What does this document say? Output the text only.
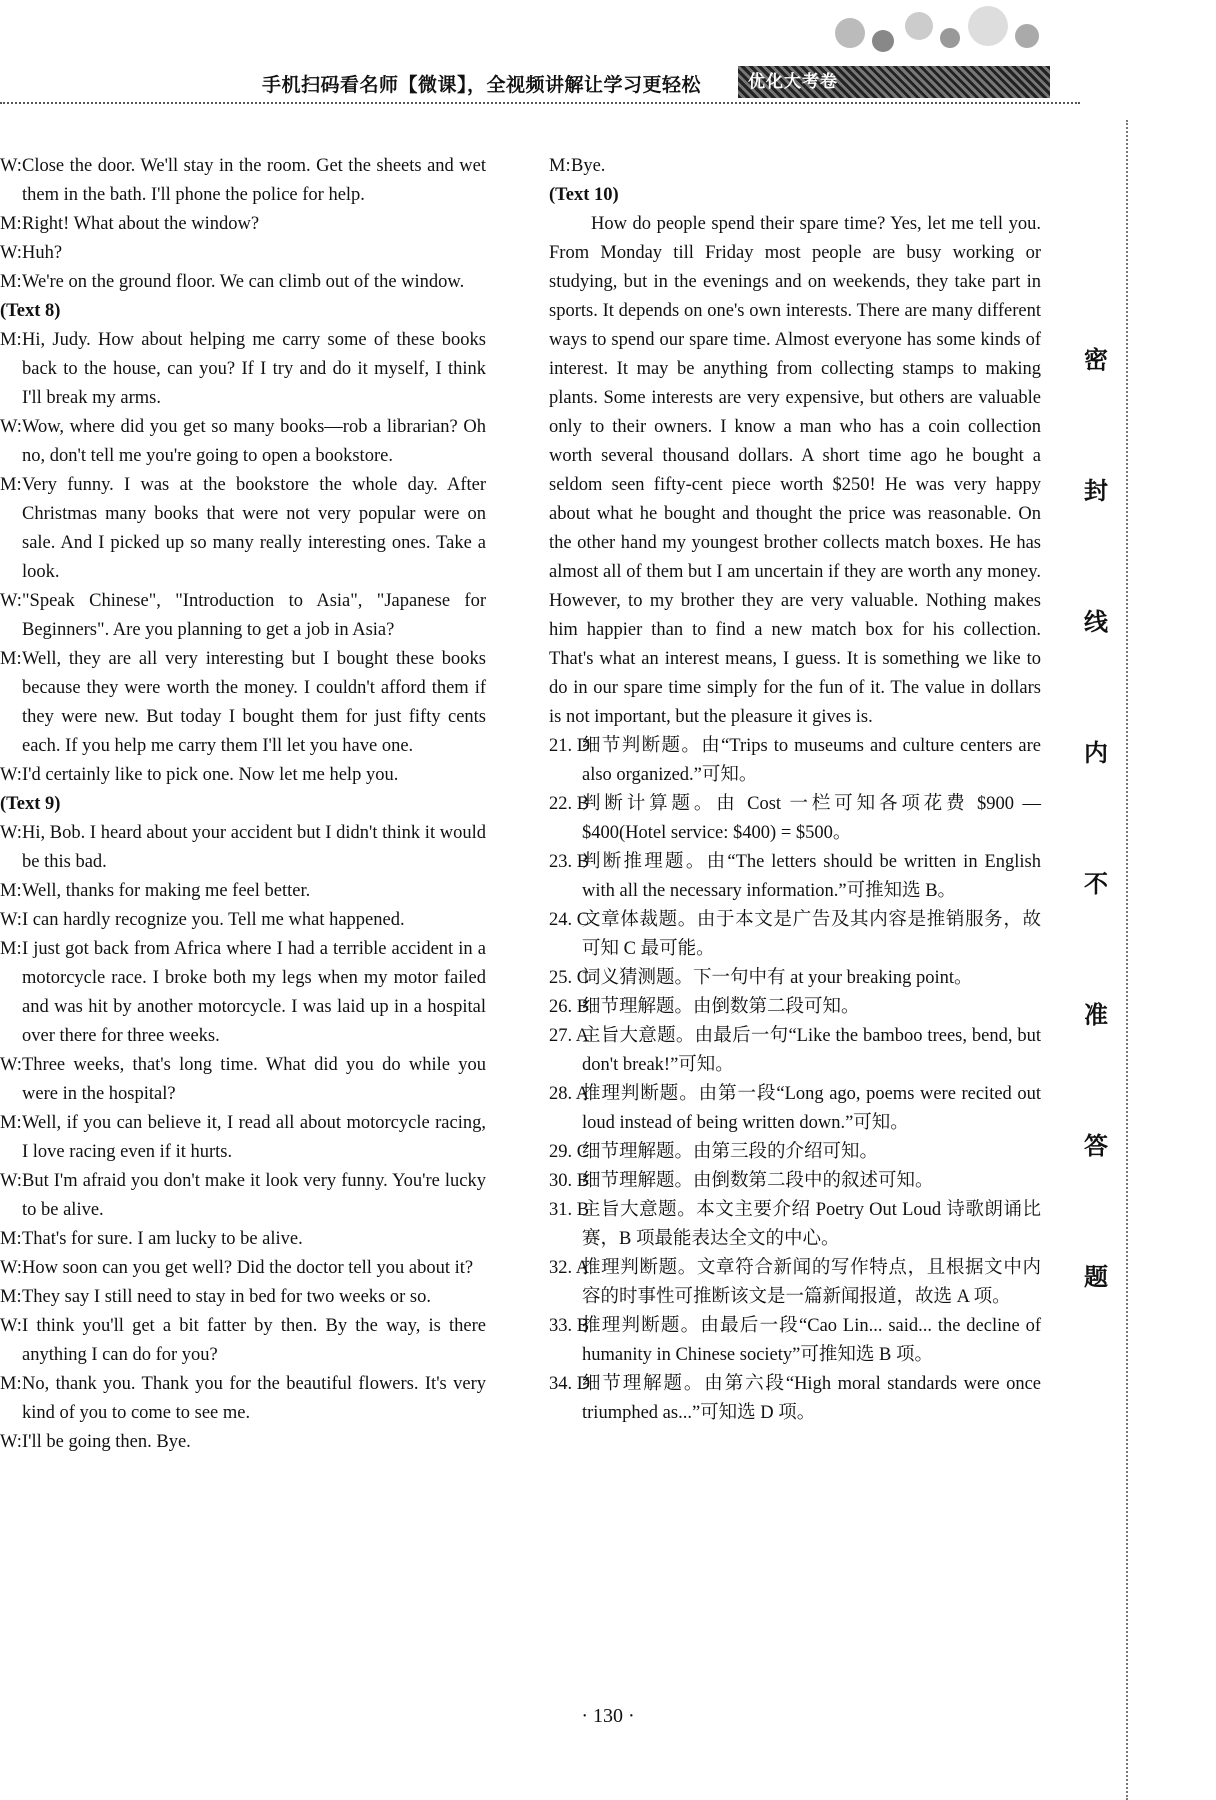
手机扫码看名师【微课】，全视频讲解让学习更轻松	优化大考卷
W: Close the door. We'll stay in the room. Get the sheets and wet them in the bath. I'll phone the police for help.
M: Right! What about the window?
W: Huh?
M: We're on the ground floor. We can climb out of the window.
(Text 8)
M: Hi, Judy. How about helping me carry some of these books back to the house, can you? If I try and do it myself, I think I'll break my arms.
W: Wow, where did you get so many books—rob a librarian? Oh no, don't tell me you're going to open a bookstore.
M: Very funny. I was at the bookstore the whole day. After Christmas many books that were not very popular were on sale. And I picked up so many really interesting ones. Take a look.
W: "Speak Chinese", "Introduction to Asia", "Japanese for Beginners". Are you planning to get a job in Asia?
M: Well, they are all very interesting but I bought these books because they were worth the money. I couldn't afford them if they were new. But today I bought them for just fifty cents each. If you help me carry them I'll let you have one.
W: I'd certainly like to pick one. Now let me help you.
(Text 9)
W: Hi, Bob. I heard about your accident but I didn't think it would be this bad.
M: Well, thanks for making me feel better.
W: I can hardly recognize you. Tell me what happened.
M: I just got back from Africa where I had a terrible accident in a motorcycle race. I broke both my legs when my motor failed and was hit by another motorcycle. I was laid up in a hospital over there for three weeks.
W: Three weeks, that's long time. What did you do while you were in the hospital?
M: Well, if you can believe it, I read all about motorcycle racing, I love racing even if it hurts.
W: But I'm afraid you don't make it look very funny. You're lucky to be alive.
M: That's for sure. I am lucky to be alive.
W: How soon can you get well? Did the doctor tell you about it?
M: They say I still need to stay in bed for two weeks or so.
W: I think you'll get a bit fatter by then. By the way, is there anything I can do for you?
M: No, thank you. Thank you for the beautiful flowers. It's very kind of you to come to see me.
W: I'll be going then. Bye.
M: Bye.
(Text 10)
How do people spend their spare time? Yes, let me tell you. From Monday till Friday most people are busy working or studying, but in the evenings and on weekends, they take part in sports. It depends on one's own interests. There are many different ways to spend our spare time. Almost everyone has some kinds of interest. It may be anything from collecting stamps to making plants. Some interests are very expensive, but others are valuable only to their owners. I know a man who has a coin collection worth several thousand dollars. A short time ago he bought a seldom seen fifty-cent piece worth $250! He was very happy about what he bought and thought the price was reasonable. On the other hand my youngest brother collects match boxes. He has almost all of them but I am uncertain if they are worth any money. However, to my brother they are very valuable. Nothing makes him happier than to find a new match box for his collection. That's what an interest means, I guess. It is something we like to do in our spare time simply for the fun of it. The value in dollars is not important, but the pleasure it gives is.
21. D
细节判断题。由“Trips to museums and culture centers are also organized.”可知。
22. B
判断计算题。由 Cost 一栏可知各项花费 $900 — $400(Hotel service: $400) = $500。
23. B
判断推理题。由“The letters should be written in English with all the necessary information.”可推知选 B。
24. C
文章体裁题。由于本文是广告及其内容是推销服务，故可知 C 最可能。
25. C
词义猜测题。下一句中有 at your breaking point。
26. B
细节理解题。由倒数第二段可知。
27. A
主旨大意题。由最后一句“Like the bamboo trees, bend, but don't break!”可知。
28. A
推理判断题。由第一段“Long ago, poems were recited out loud instead of being written down.”可知。
29. C
细节理解题。由第三段的介绍可知。
30. B
细节理解题。由倒数第二段中的叙述可知。
31. B
主旨大意题。本文主要介绍 Poetry Out Loud 诗歌朗诵比赛，B 项最能表达全文的中心。
32. A
推理判断题。文章符合新闻的写作特点，且根据文中内容的时事性可推断该文是一篇新闻报道，故选 A 项。
33. B
推理判断题。由最后一段“Cao Lin... said... the decline of humanity in Chinese society”可推知选 B 项。
34. D
细节理解题。由第六段“High moral standards were once triumphed as...”可知选 D 项。
密
封
线
内
不
准
答
题
· 130 ·
